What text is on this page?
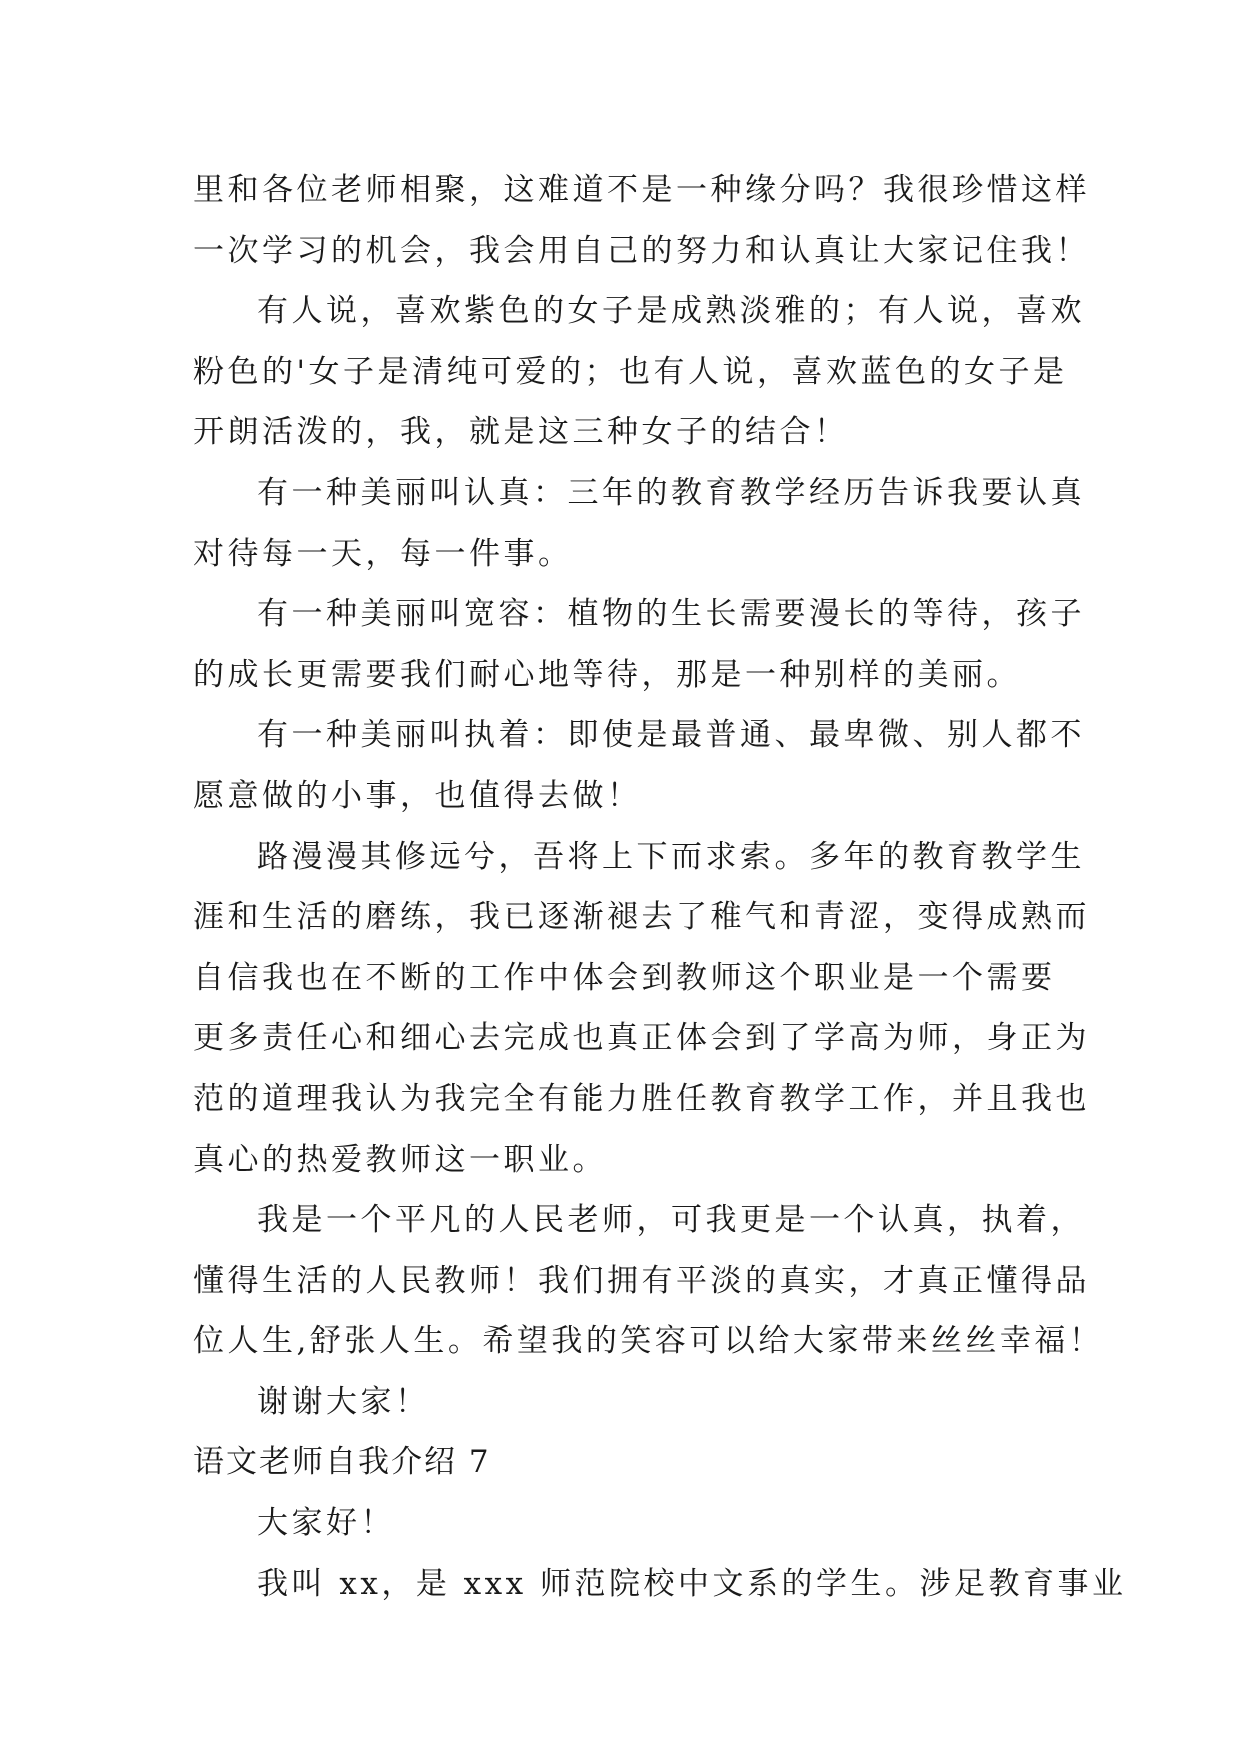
里和各位老师相聚，这难道不是一种缘分吗？我很珍惜这样
一次学习的机会，我会用自己的努力和认真让大家记住我！
有人说，喜欢紫色的女子是成熟淡雅的；有人说，喜欢
粉色的'女子是清纯可爱的；也有人说，喜欢蓝色的女子是
开朗活泼的，我，就是这三种女子的结合！
有一种美丽叫认真：三年的教育教学经历告诉我要认真
对待每一天，每一件事。
有一种美丽叫宽容：植物的生长需要漫长的等待，孩子
的成长更需要我们耐心地等待，那是一种别样的美丽。
有一种美丽叫执着：即使是最普通、最卑微、别人都不
愿意做的小事，也值得去做！
路漫漫其修远兮，吾将上下而求索。多年的教育教学生
涯和生活的磨练，我已逐渐褪去了稚气和青涩，变得成熟而
自信我也在不断的工作中体会到教师这个职业是一个需要
更多责任心和细心去完成也真正体会到了学高为师，身正为
范的道理我认为我完全有能力胜任教育教学工作，并且我也
真心的热爱教师这一职业。
我是一个平凡的人民老师，可我更是一个认真，执着，
懂得生活的人民教师！我们拥有平淡的真实，才真正懂得品
位人生,舒张人生。希望我的笑容可以给大家带来丝丝幸福！
谢谢大家！
语文老师自我介绍 7
大家好！
我叫 xx，是 xxx 师范院校中文系的学生。涉足教育事业
